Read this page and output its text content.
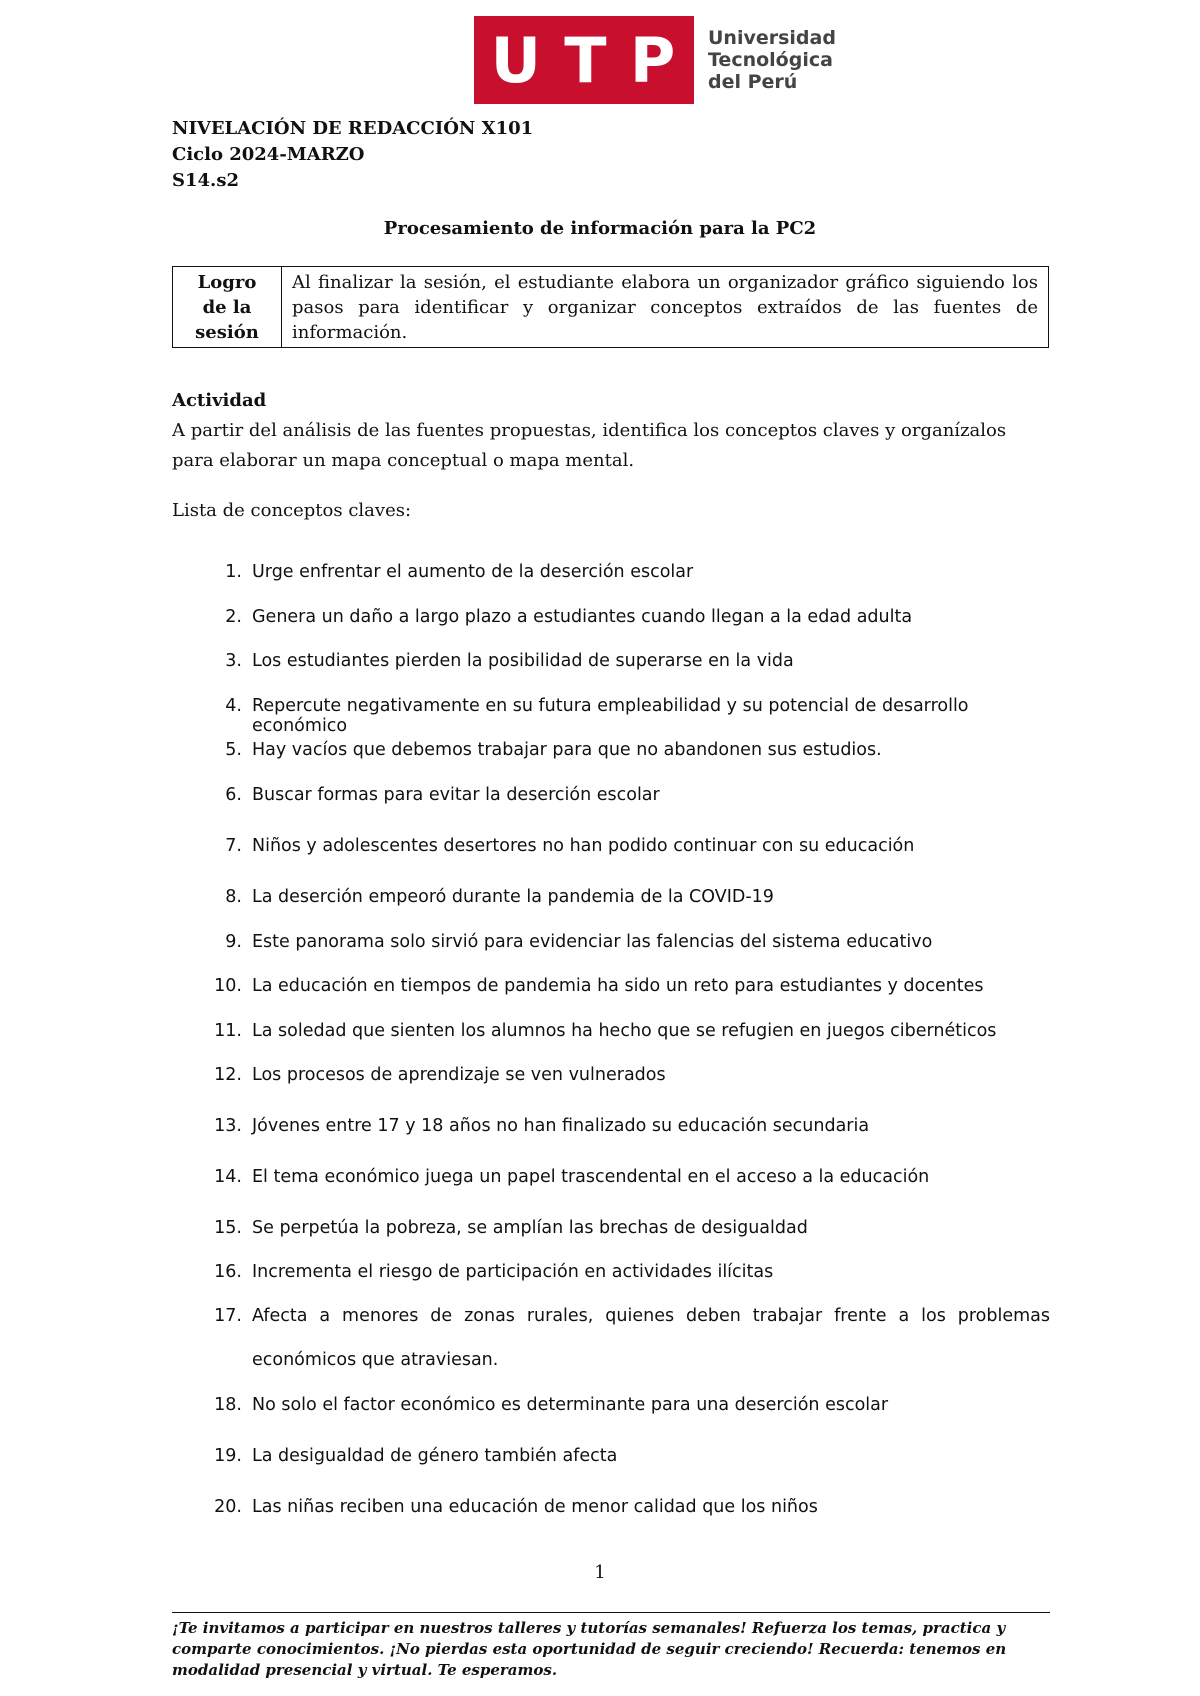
U T P Universidad
Tecnológica
del Perú
NIVELACIÓN DE REDACCIÓN X101
Ciclo 2024-MARZO
S14.s2
Procesamiento de información para la PC2
Logro de la sesión	Al finalizar la sesión, el estudiante elabora un organizador gráfico siguiendo los pasos para identificar y organizar conceptos extraídos de las fuentes de información.
Actividad
A partir del análisis de las fuentes propuestas, identifica los conceptos claves y organízalos para elaborar un mapa conceptual o mapa mental.
Lista de conceptos claves:
1. Urge enfrentar el aumento de la deserción escolar
2. Genera un daño a largo plazo a estudiantes cuando llegan a la edad adulta
3. Los estudiantes pierden la posibilidad de superarse en la vida
4. Repercute negativamente en su futura empleabilidad y su potencial de desarrollo económico
5. Hay vacíos que debemos trabajar para que no abandonen sus estudios.
6. Buscar formas para evitar la deserción escolar
7. Niños y adolescentes desertores no han podido continuar con su educación
8. La deserción empeoró durante la pandemia de la COVID-19
9. Este panorama solo sirvió para evidenciar las falencias del sistema educativo
10. La educación en tiempos de pandemia ha sido un reto para estudiantes y docentes
11. La soledad que sienten los alumnos ha hecho que se refugien en juegos cibernéticos
12. Los procesos de aprendizaje se ven vulnerados
13. Jóvenes entre 17 y 18 años no han finalizado su educación secundaria
14. El tema económico juega un papel trascendental en el acceso a la educación
15. Se perpetúa la pobreza, se amplían las brechas de desigualdad
16. Incrementa el riesgo de participación en actividades ilícitas
17. Afecta a menores de zonas rurales, quienes deben trabajar frente a los problemas económicos que atraviesan.
18. No solo el factor económico es determinante para una deserción escolar
19. La desigualdad de género también afecta
20. Las niñas reciben una educación de menor calidad que los niños
1
¡Te invitamos a participar en nuestros talleres y tutorías semanales! Refuerza los temas, practica y comparte conocimientos. ¡No pierdas esta oportunidad de seguir creciendo! Recuerda: tenemos en modalidad presencial y virtual. Te esperamos.
